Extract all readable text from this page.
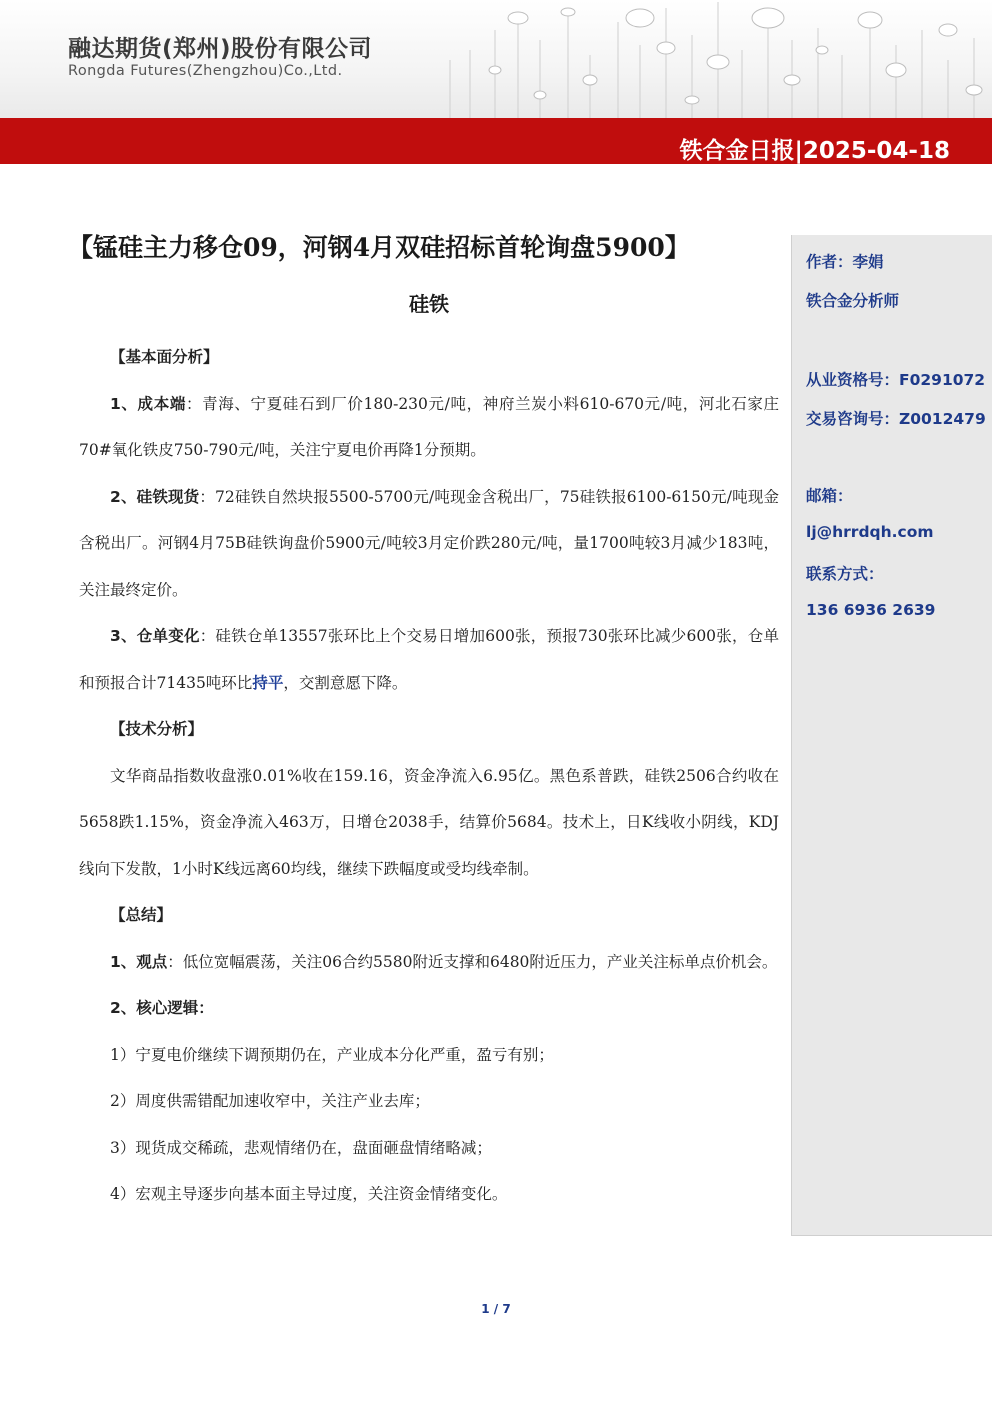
融达期货(郑州)股份有限公司
Rongda Futures(Zhengzhou)Co.,Ltd.
铁合金日报|2025-04-18
【锰硅主力移仓09，河钢4月双硅招标首轮询盘5900】
硅铁

【基本面分析】

1、成本端：青海、宁夏硅石到厂价180-230元/吨，神府兰炭小料610-670元/吨，河北石家庄70#氧化铁皮750-790元/吨，关注宁夏电价再降1分预期。

2、硅铁现货：72硅铁自然块报5500-5700元/吨现金含税出厂，75硅铁报6100-6150元/吨现金含税出厂。河钢4月75B硅铁询盘价5900元/吨较3月定价跌280元/吨，量1700吨较3月减少183吨，关注最终定价。

3、仓单变化：硅铁仓单13557张环比上个交易日增加600张，预报730张环比减少600张，仓单和预报合计71435吨环比持平，交割意愿下降。

【技术分析】

文华商品指数收盘涨0.01%收在159.16，资金净流入6.95亿。黑色系普跌，硅铁2506合约收在5658跌1.15%，资金净流入463万，日增仓2038手，结算价5684。技术上，日K线收小阴线，KDJ线向下发散，1小时K线远离60均线，继续下跌幅度或受均线牵制。

【总结】

1、观点：低位宽幅震荡，关注06合约5580附近支撑和6480附近压力，产业关注标单点价机会。

2、核心逻辑：

1）宁夏电价继续下调预期仍在，产业成本分化严重，盈亏有别；

2）周度供需错配加速收窄中，关注产业去库；

3）现货成交稀疏，悲观情绪仍在，盘面砸盘情绪略减；

4）宏观主导逐步向基本面主导过度，关注资金情绪变化。

作者：李娟
铁合金分析师
从业资格号：F0291072
交易咨询号：Z0012479
邮箱：
lj@hrrdqh.com
联系方式：
136 6936 2639
1 / 7
